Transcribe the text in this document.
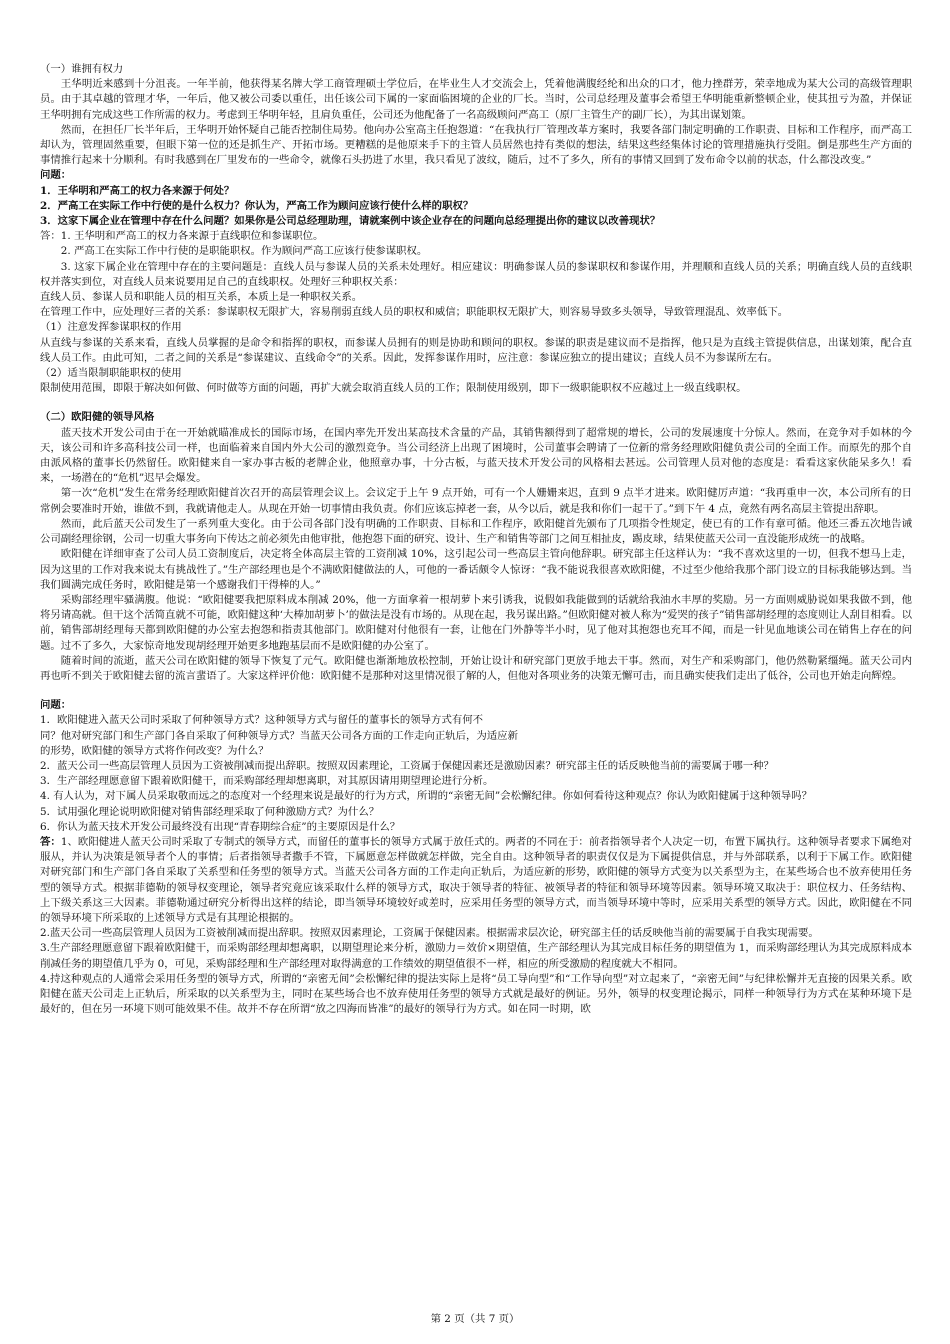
（一）谁拥有权力

王华明近来感到十分沮丧。一年半前，他获得某名牌大学工商管理硕士学位后，在毕业生人才交流会上，凭着他满腹经纶和出众的口才，他力挫群芳，荣幸地成为某大公司的高级管理职员。由于其卓越的管理才华，一年后，他又被公司委以重任，出任该公司下属的一家面临困境的企业的厂长。当时，公司总经理及董事会希望王华明能重新整顿企业，使其扭亏为盈，并保证王华明拥有完成这些工作所需的权力。考虑到王华明年轻，且肩负重任，公司还为他配备了一名高级顾问严高工（原厂主管生产的副厂长），为其出谋划策。

然而，在担任厂长半年后，王华明开始怀疑自己能否控制住局势。他向办公室高主任抱怨道：“在我执行厂管理改革方案时，我要各部门制定明确的工作职责、目标和工作程序，而严高工却认为，管理固然重要，但眼下第一位的还是抓生产、开拓市场。更糟糕的是他原来手下的主管人员居然也持有类似的想法，结果这些经集体讨论的管理措施执行受阻。倒是那些生产方面的事情推行起来十分顺利。有时我感到在厂里发布的一些命令，就像石头扔进了水里，我只看见了波纹，随后，过不了多久，所有的事情又回到了发布命令以前的状态，什么都没改变。”

问题：

1．王华明和严高工的权力各来源于何处？

2．严高工在实际工作中行使的是什么权力？你认为，严高工作为顾问应该行使什么样的职权？

3．这家下属企业在管理中存在什么问题？如果你是公司总经理助理，请就案例中该企业存在的问题向总经理提出你的建议以改善现状？

答：1. 王华明和严高工的权力各来源于直线职位和参谋职位。

2. 严高工在实际工作中行使的是职能职权。作为顾问严高工应该行使参谋职权。

3. 这家下属企业在管理中存在的主要问题是：直线人员与参谋人员的关系未处理好。相应建议：明确参谋人员的参谋职权和参谋作用，并理顺和直线人员的关系；明确直线人员的直线职权并落实到位，对直线人员来说要用足自己的直线职权。处理好三种职权关系：

直线人员、参谋人员和职能人员的相互关系，本质上是一种职权关系。

在管理工作中，应处理好三者的关系：参谋职权无限扩大，容易削弱直线人员的职权和威信；职能职权无限扩大，则容易导致多头领导，导致管理混乱、效率低下。

（1）注意发挥参谋职权的作用

从直线与参谋的关系来看，直线人员掌握的是命令和指挥的职权，而参谋人员拥有的则是协助和顾问的职权。参谋的职责是建议而不是指挥，他只是为直线主管提供信息，出谋划策，配合直线人员工作。由此可知，二者之间的关系是“参谋建议、直线命令”的关系。因此，发挥参谋作用时，应注意：参谋应独立的提出建议；直线人员不为参谋所左右。

（2）适当限制职能职权的使用

限制使用范围，即限于解决如何做、何时做等方面的问题，再扩大就会取消直线人员的工作；限制使用级别，即下一级职能职权不应越过上一级直线职权。

（二）欧阳健的领导风格

蓝天技术开发公司由于在一开始就瞄准成长的国际市场，在国内率先开发出某高技术含量的产品，其销售额得到了超常规的增长，公司的发展速度十分惊人。然而，在竞争对手如林的今天，该公司和许多高科技公司一样，也面临着来自国内外大公司的激烈竞争。当公司经济上出现了困境时，公司董事会聘请了一位新的常务经理欧阳健负责公司的全面工作。而原先的那个自由派风格的董事长仍然留任。欧阳健来自一家办事古板的老牌企业，他照章办事，十分古板，与蓝天技术开发公司的风格相去甚远。公司管理人员对他的态度是：看看这家伙能呆多久！看来，一场潜在的“危机”迟早会爆发。

第一次“危机”发生在常务经理欧阳健首次召开的高层管理会议上。会议定于上午 9 点开始，可有一个人姗姗来迟，直到 9 点半才进来。欧阳健厉声道：“我再重申一次，本公司所有的日常例会要准时开始，谁做不到，我就请他走人。从现在开始一切事情由我负责。你们应该忘掉老一套，从今以后，就是我和你们一起干了。”到下午 4 点，竟然有两名高层主管提出辞职。

然而，此后蓝天公司发生了一系列重大变化。由于公司各部门没有明确的工作职责、目标和工作程序，欧阳健首先颁布了几项指令性规定，使已有的工作有章可循。他还三番五次地告诫公司副经理徐钢，公司一切重大事务向下传达之前必须先由他审批，他抱怨下面的研究、设计、生产和销售等部门之间互相扯皮，踢皮球，结果使蓝天公司一直没能形成统一的战略。

欧阳健在详细审查了公司人员工资制度后，决定将全体高层主管的工资削减 10%，这引起公司一些高层主管向他辞职。研究部主任这样认为：“我不喜欢这里的一切，但我不想马上走，因为这里的工作对我来说太有挑战性了。”生产部经理也是个不满欧阳健做法的人，可他的一番话颇令人惊讶：“我不能说我很喜欢欧阳健，不过至少他给我那个部门设立的目标我能够达到。当我们圆满完成任务时，欧阳健是第一个感谢我们干得棒的人。”

采购部经理牢骚满腹。他说：“欧阳健要我把原料成本削减 20%，他一方面拿着一根胡萝卜来引诱我，说假如我能做到的话就给我油水丰厚的奖励。另一方面则威胁说如果我做不到，他将另请高就。但干这个活简直就不可能，欧阳健这种‘大棒加胡萝卜’的做法是没有市场的。从现在起，我另谋出路。”但欧阳健对被人称为“爱哭的孩子”销售部胡经理的态度则让人刮目相看。以前，销售部胡经理每天都到欧阳健的办公室去抱怨和指责其他部门。欧阳健对付他很有一套，让他在门外静等半小时，见了他对其抱怨也充耳不闻，而是一针见血地谈公司在销售上存在的问题。过不了多久，大家惊奇地发现胡经理开始更多地跑基层而不是欧阳健的办公室了。

随着时间的流逝，蓝天公司在欧阳健的领导下恢复了元气。欧阳健也渐渐地放松控制，开始让设计和研究部门更放手地去干事。然而，对生产和采购部门，他仍然勒紧缰绳。蓝天公司内再也听不到关于欧阳健去留的流言蜚语了。大家这样评价他：欧阳健不是那种对这里情况很了解的人，但他对各项业务的决策无懈可击，而且确实使我们走出了低谷，公司也开始走向辉煌。

问题：

1．欧阳健进入蓝天公司时采取了何种领导方式？这种领导方式与留任的董事长的领导方式有何不

同？他对研究部门和生产部门各自采取了何种领导方式？当蓝天公司各方面的工作走向正轨后，为适应新

的形势，欧阳健的领导方式将作何改变？为什么？

2．蓝天公司一些高层管理人员因为工资被削减而提出辞职。按照双因素理论，工资属于保健因素还是激励因素？研究部主任的话反映他当前的需要属于哪一种？

3．生产部经理愿意留下跟着欧阳健干，而采购部经理却想离职，对其原因请用期望理论进行分析。

4. 有人认为，对下属人员采取敬而远之的态度对一个经理来说是最好的行为方式，所谓的“亲密无间”会松懈纪律。你如何看待这种观点？你认为欧阳健属于这种领导吗？

5．试用强化理论说明欧阳健对销售部经理采取了何种激励方式？为什么？

6．你认为蓝天技术开发公司最终没有出现“青春期综合症”的主要原因是什么？

答：1、欧阳健进人蓝天公司时采取了专制式的领导方式，而留任的董事长的领导方式属于放任式的。两者的不同在于：前者指领导者个人决定一切，布置下属执行。这种领导者要求下属绝对服从，并认为决策是领导者个人的事情；后者指领导者撒手不管，下属愿意怎样做就怎样做，完全自由。这种领导者的职责仅仅是为下属提供信息，并与外部联系，以利于下属工作。欧阳健对研究部门和生产部门各自采取了关系型和任务型的领导方式。当蓝天公司各方面的工作走向正轨后，为适应新的形势，欧阳健的领导方式变为以关系型为主，在某些场合也不放弃使用任务型的领导方式。根据菲德勒的领导权变理论，领导者究竟应该采取什么样的领导方式，取决于领导者的特征、被领导者的特征和领导环境等因素。领导环境又取决于：职位权力、任务结构、上下级关系这三大因素。菲德勒通过研究分析得出这样的结论，即当领导环境较好或差时，应采用任务型的领导方式，而当领导环境中等时，应采用关系型的领导方式。因此，欧阳健在不同的领导环境下所采取的上述领导方式是有其理论根据的。

2.蓝天公司一些高层管理人员因为工资被削减而提出辞职。按照双因素理论，工资属于保健因素。根据需求层次论，研究部主任的话反映他当前的需要属于自我实现需要。

3.生产部经理愿意留下跟着欧阳健干，而采购部经理却想离职，以期望理论来分析，激励力＝效价×期望值，生产部经理认为其完成目标任务的期望值为 1，而采购部经理认为其完成原料成本削减任务的期望值几乎为 0，可见，采购部经理和生产部经理对取得满意的工作绩效的期望值很不一样，相应的所受激励的程度就大不相同。

4.持这种观点的人通常会采用任务型的领导方式，所谓的“亲密无间”会松懈纪律的提法实际上是将“员工导向型”和“工作导向型”对立起来了，“亲密无间”与纪律松懈并无直接的因果关系。欧阳健在蓝天公司走上正轨后，所采取的以关系型为主，同时在某些场合也不放弃使用任务型的领导方式就是最好的例证。另外，领导的权变理论揭示，同样一种领导行为方式在某种环境下是最好的，但在另一环境下则可能效果不佳。故并不存在所谓“放之四海而皆准”的最好的领导行为方式。如在同一时期，欧

第 2 页（共 7 页）
